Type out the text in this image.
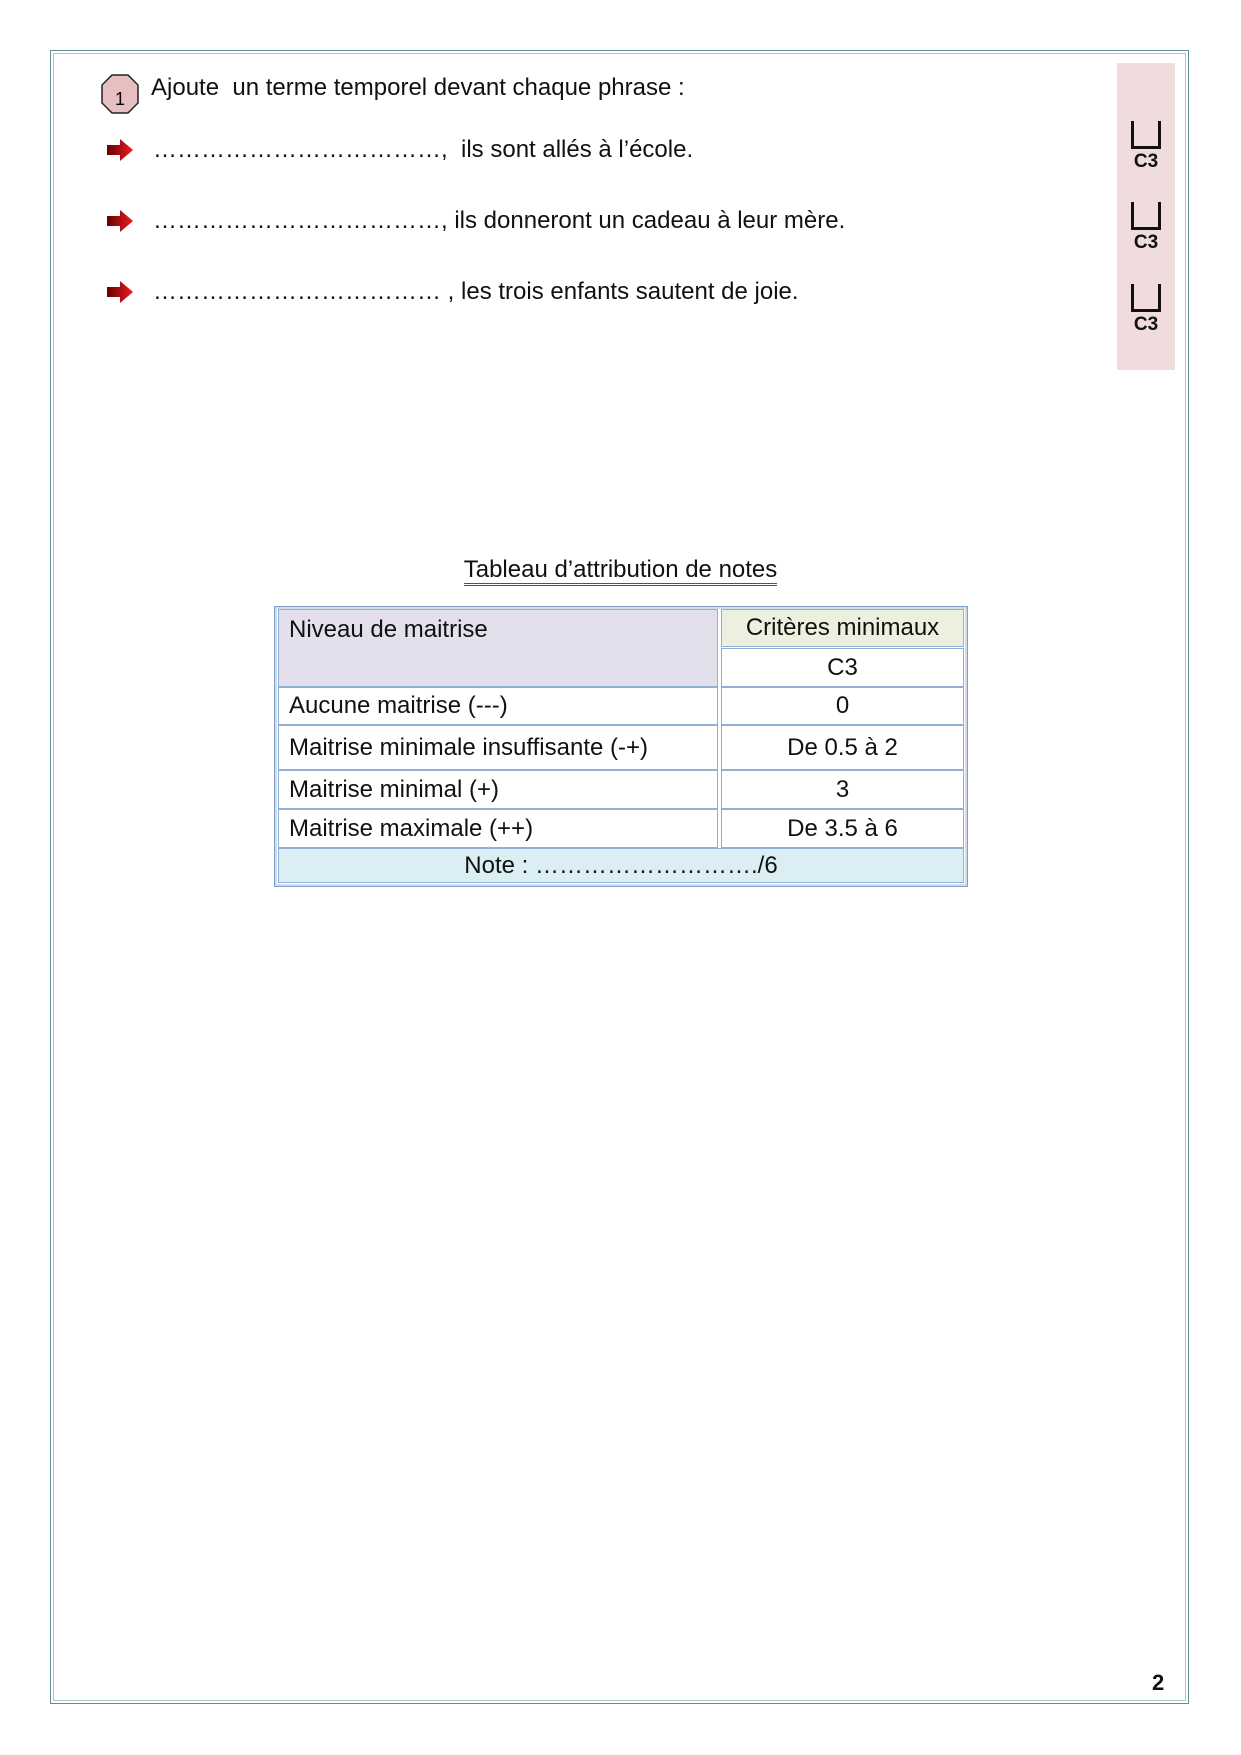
1 Ajoute  un terme temporel devant chaque phrase :
………………………………, ils sont allés à l’école.
………………………………, ils donneront un cadeau à leur mère.
……………………………… , les trois enfants sautent de joie.
C3
C3
C3
Tableau d’attribution de notes
Niveau de maitrise	Critères minimaux
C3
Aucune maitrise (---)	0
Maitrise minimale insuffisante (-+)	De 0.5 à 2
Maitrise minimal (+)	3
Maitrise maximale (++)	De 3.5 à 6
Note : ………………………./6
2
